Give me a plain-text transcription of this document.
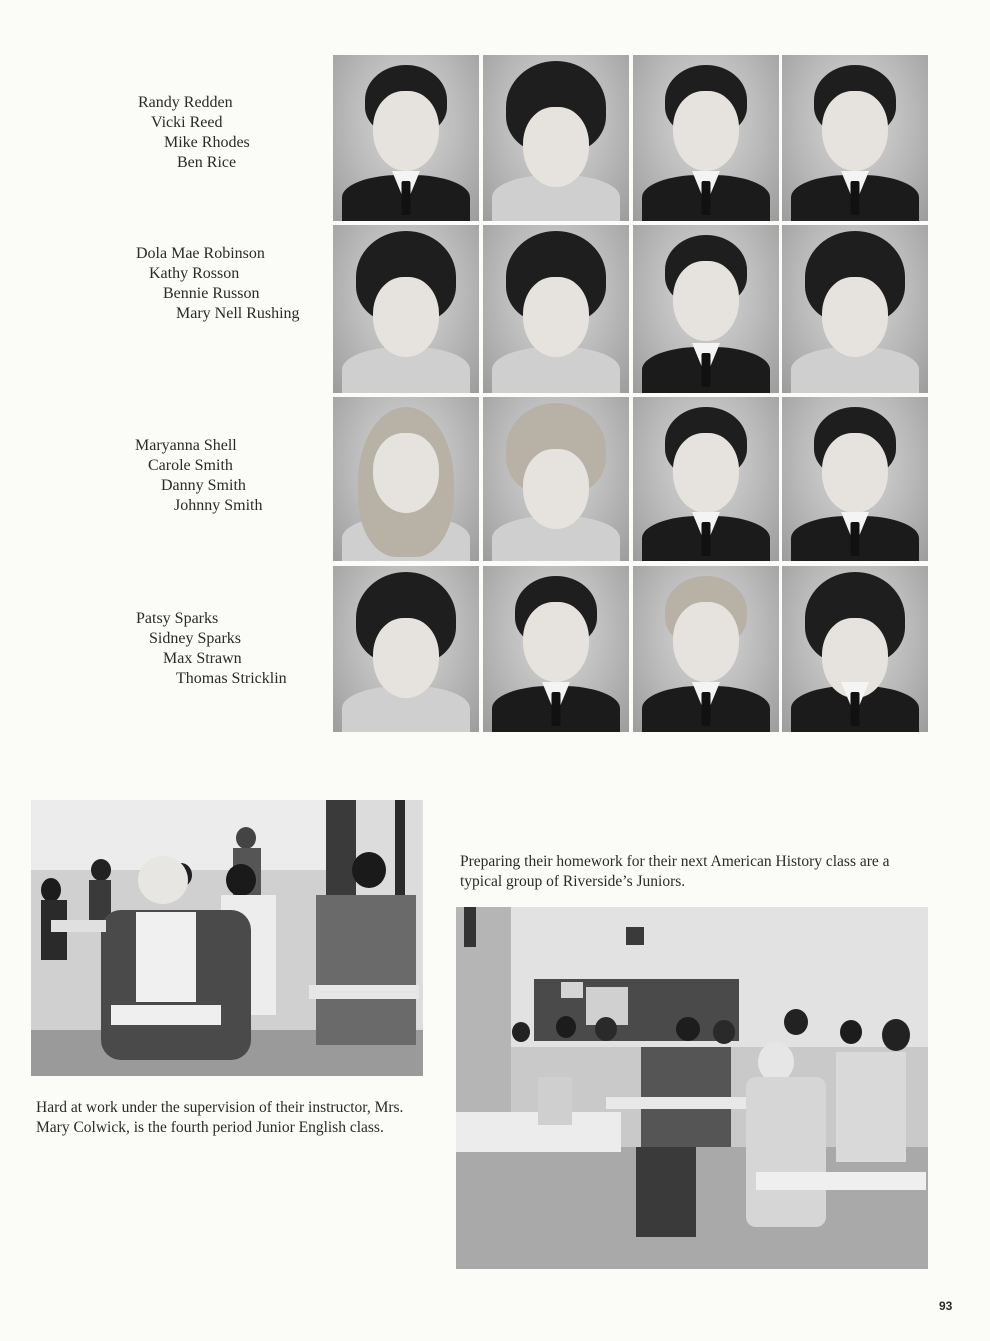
Randy Redden
Vicki Reed
Mike Rhodes
Ben Rice
Dola Mae Robinson
Kathy Rosson
Bennie Russon
Mary Nell Rushing
Maryanna Shell
Carole Smith
Danny Smith
Johnny Smith
Patsy Sparks
Sidney Sparks
Max Strawn
Thomas Stricklin
Hard at work under the supervision of their instructor, Mrs. Mary Colwick, is the fourth period Junior English class.
Preparing their homework for their next American History class are a typical group of Riverside’s Juniors.
93
